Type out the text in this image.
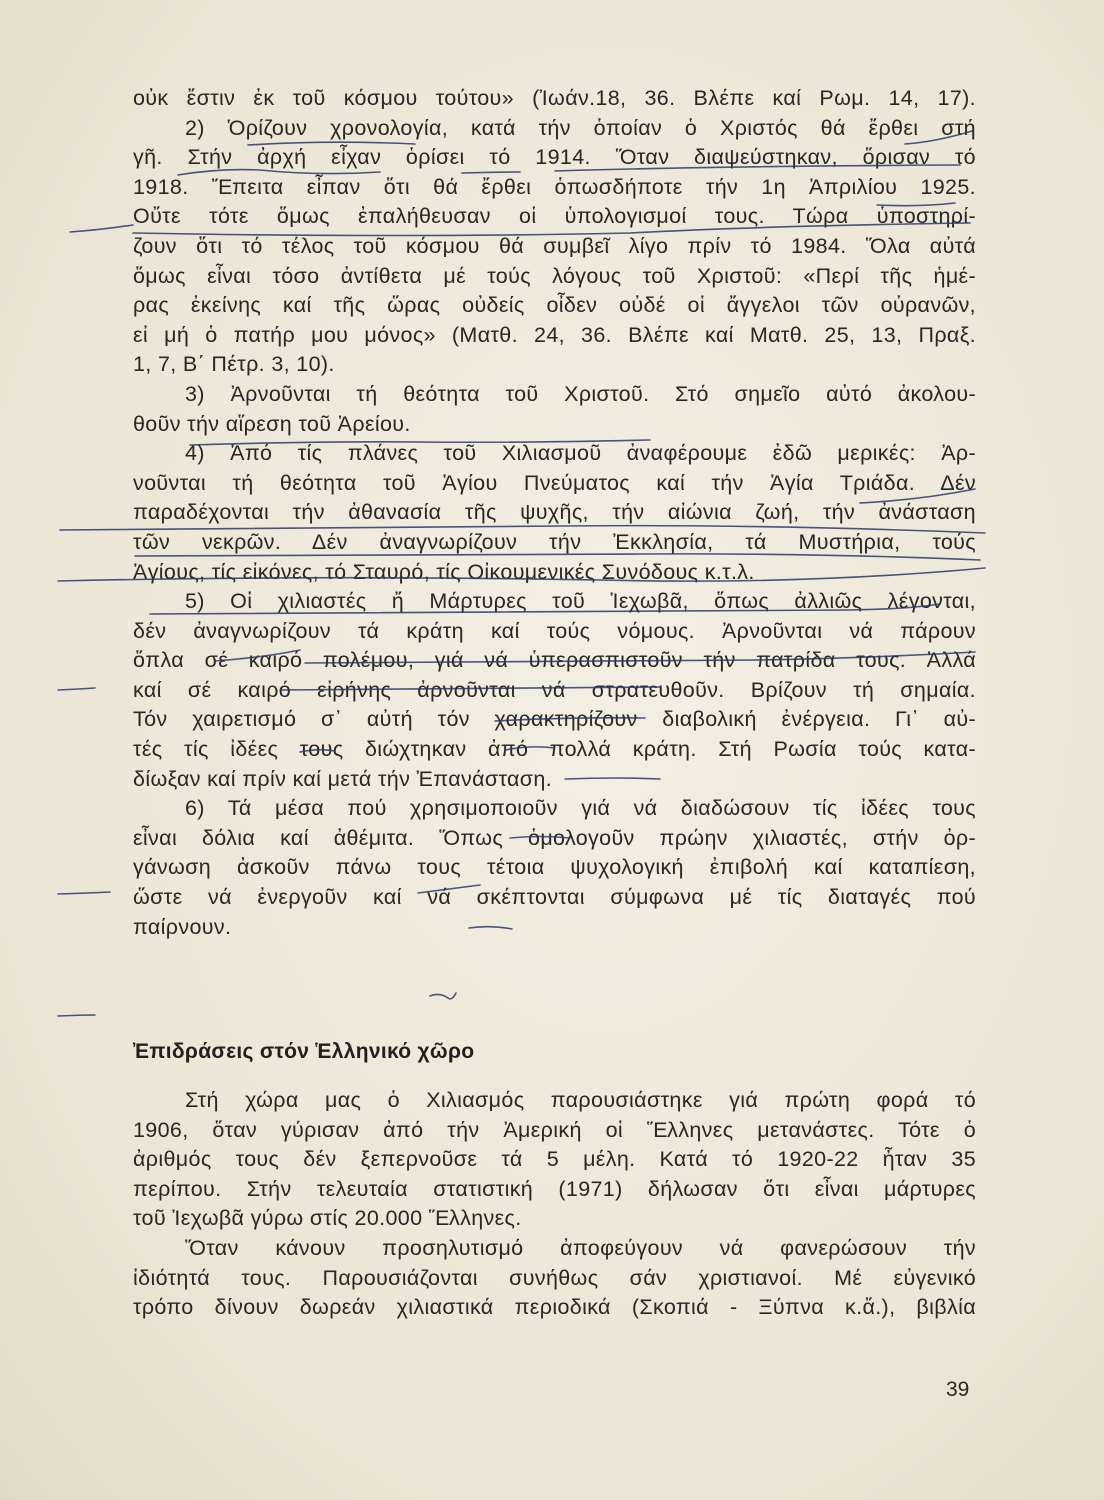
οὐκ ἔστιν ἐκ τοῦ κόσμου τούτου» (Ἰωάν.18, 36. Βλέπε καί Ρωμ. 14, 17).
2) Ὁρίζουν χρονολογία, κατά τήν ὁποίαν ὁ Χριστός θά ἔρθει στή
γῆ. Στήν ἀρχή εἶχαν ὁρίσει τό 1914. Ὅταν διαψεύστηκαν, ὅρισαν τό
1918. Ἔπειτα εἶπαν ὅτι θά ἔρθει ὁπωσδήποτε τήν 1η Ἀπριλίου 1925.
Οὔτε τότε ὅμως ἐπαλήθευσαν οἱ ὑπολογισμοί τους. Τώρα ὑποστηρί-
ζουν ὅτι τό τέλος τοῦ κόσμου θά συμβεῖ λίγο πρίν τό 1984. Ὅλα αὐτά
ὅμως εἶναι τόσο ἀντίθετα μέ τούς λόγους τοῦ Χριστοῦ: «Περί τῆς ἡμέ-
ρας ἐκείνης καί τῆς ὥρας οὐδείς οἶδεν οὐδέ οἱ ἄγγελοι τῶν οὐρανῶν,
εἰ μή ὁ πατήρ μου μόνος» (Ματθ. 24, 36. Βλέπε καί Ματθ. 25, 13, Πραξ.
1, 7, Β΄ Πέτρ. 3, 10).
3) Ἀρνοῦνται τή θεότητα τοῦ Χριστοῦ. Στό σημεῖο αὐτό ἀκολου-
θοῦν τήν αἵρεση τοῦ Ἀρείου.
4) Ἀπό τίς πλάνες τοῦ Χιλιασμοῦ ἀναφέρουμε ἐδῶ μερικές: Ἀρ-
νοῦνται τή θεότητα τοῦ Ἁγίου Πνεύματος καί τήν Ἁγία Τριάδα. Δέν
παραδέχονται τήν ἀθανασία τῆς ψυχῆς, τήν αἰώνια ζωή, τήν ἀνάσταση
τῶν νεκρῶν. Δέν ἀναγνωρίζουν τήν Ἐκκλησία, τά Μυστήρια, τούς
Ἁγίους, τίς εἰκόνες, τό Σταυρό, τίς Οἰκουμενικές Συνόδους κ.τ.λ.
5) Οἱ χιλιαστές ἤ Μάρτυρες τοῦ Ἰεχωβᾶ, ὅπως ἀλλιῶς λέγονται,
δέν ἀναγνωρίζουν τά κράτη καί τούς νόμους. Ἀρνοῦνται νά πάρουν
ὅπλα σέ καιρό πολέμου, γιά νά ὑπερασπιστοῦν τήν πατρίδα τους. Ἀλλά
καί σέ καιρό εἰρήνης ἀρνοῦνται νά στρατευθοῦν. Βρίζουν τή σημαία.
Τόν χαιρετισμό σ᾿ αὐτή τόν χαρακτηρίζουν διαβολική ἐνέργεια. Γι᾿ αὐ-
τές τίς ἰδέες τους διώχτηκαν ἀπό πολλά κράτη. Στή Ρωσία τούς κατα-
δίωξαν καί πρίν καί μετά τήν Ἐπανάσταση.
6) Τά μέσα πού χρησιμοποιοῦν γιά νά διαδώσουν τίς ἰδέες τους
εἶναι δόλια καί ἀθέμιτα. Ὅπως ὁμολογοῦν πρώην χιλιαστές, στήν ὀρ-
γάνωση ἀσκοῦν πάνω τους τέτοια ψυχολογική ἐπιβολή καί καταπίεση,
ὥστε νά ἐνεργοῦν καί νά σκέπτονται σύμφωνα μέ τίς διαταγές πού
παίρνουν.
Ἐπιδράσεις στόν Ἑλληνικό χῶρο
Στή χώρα μας ὁ Χιλιασμός παρουσιάστηκε γιά πρώτη φορά τό
1906, ὅταν γύρισαν ἀπό τήν Ἀμερική οἱ Ἕλληνες μετανάστες. Τότε ὁ
ἀριθμός τους δέν ξεπερνοῦσε τά 5 μέλη. Κατά τό 1920-22 ἦταν 35
περίπου. Στήν τελευταία στατιστική (1971) δήλωσαν ὅτι εἶναι μάρτυρες
τοῦ Ἰεχωβᾶ γύρω στίς 20.000 Ἕλληνες.
Ὅταν κάνουν προσηλυτισμό ἀποφεύγουν νά φανερώσουν τήν
ἰδιότητά τους. Παρουσιάζονται συνήθως σάν χριστιανοί. Μέ εὐγενικό
τρόπο δίνουν δωρεάν χιλιαστικά περιοδικά (Σκοπιά - Ξύπνα κ.ἄ.), βιβλία
39
